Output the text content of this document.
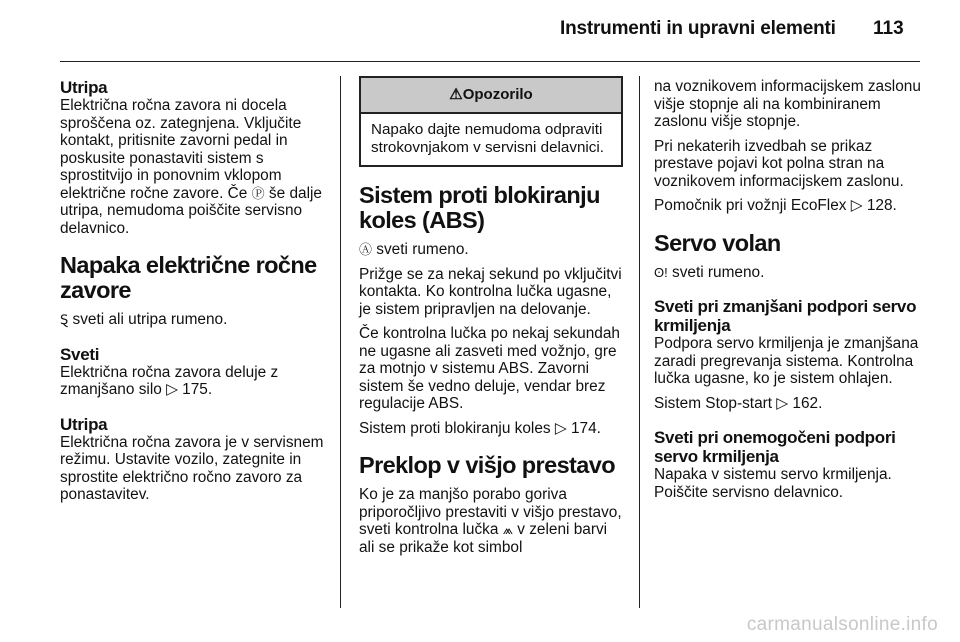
Instrumenti in upravni elementi 113
Utripa

Električna ročna zavora ni docela sproščena oz. zategnjena. Vključite kontakt, pritisnite zavorni pedal in poskusite ponastaviti sistem s sprostitvijo in ponovnim vklopom električne ročne zavore. Če Ⓟ še dalje utripa, nemudoma poiščite servisno delavnico.

Napaka električne ročne zavore

Ȿ sveti ali utripa rumeno.

Sveti

Električna ročna zavora deluje z zmanjšano silo ▷ 175.

Utripa

Električna ročna zavora je v servisnem režimu. Ustavite vozilo, zategnite in sprostite električno ročno zavoro za ponastavitev.

⚠Opozorilo
Napako dajte nemudoma odpraviti strokovnjakom v servisni delavnici.
Sistem proti blokiranju koles (ABS)

Ⓐ sveti rumeno.

Prižge se za nekaj sekund po vključitvi kontakta. Ko kontrolna lučka ugasne, je sistem pripravljen na delovanje.

Če kontrolna lučka po nekaj sekundah ne ugasne ali zasveti med vožnjo, gre za motnjo v sistemu ABS. Zavorni sistem še vedno deluje, vendar brez regulacije ABS.

Sistem proti blokiranju koles ▷ 174.

Preklop v višjo prestavo

Ko je za manjšo porabo goriva priporočljivo prestaviti v višjo prestavo, sveti kontrolna lučka ⩕ v zeleni barvi ali se prikaže kot simbol

na voznikovem informacijskem zaslonu višje stopnje ali na kombiniranem zaslonu višje stopnje.

Pri nekaterih izvedbah se prikaz prestave pojavi kot polna stran na voznikovem informacijskem zaslonu.

Pomočnik pri vožnji EcoFlex ▷ 128.

Servo volan

ʘ! sveti rumeno.

Sveti pri zmanjšani podpori servo krmiljenja

Podpora servo krmiljenja je zmanjšana zaradi pregrevanja sistema. Kontrolna lučka ugasne, ko je sistem ohlajen.

Sistem Stop-start ▷ 162.

Sveti pri onemogočeni podpori servo krmiljenja

Napaka v sistemu servo krmiljenja. Poiščite servisno delavnico.

carmanualsonline.info
